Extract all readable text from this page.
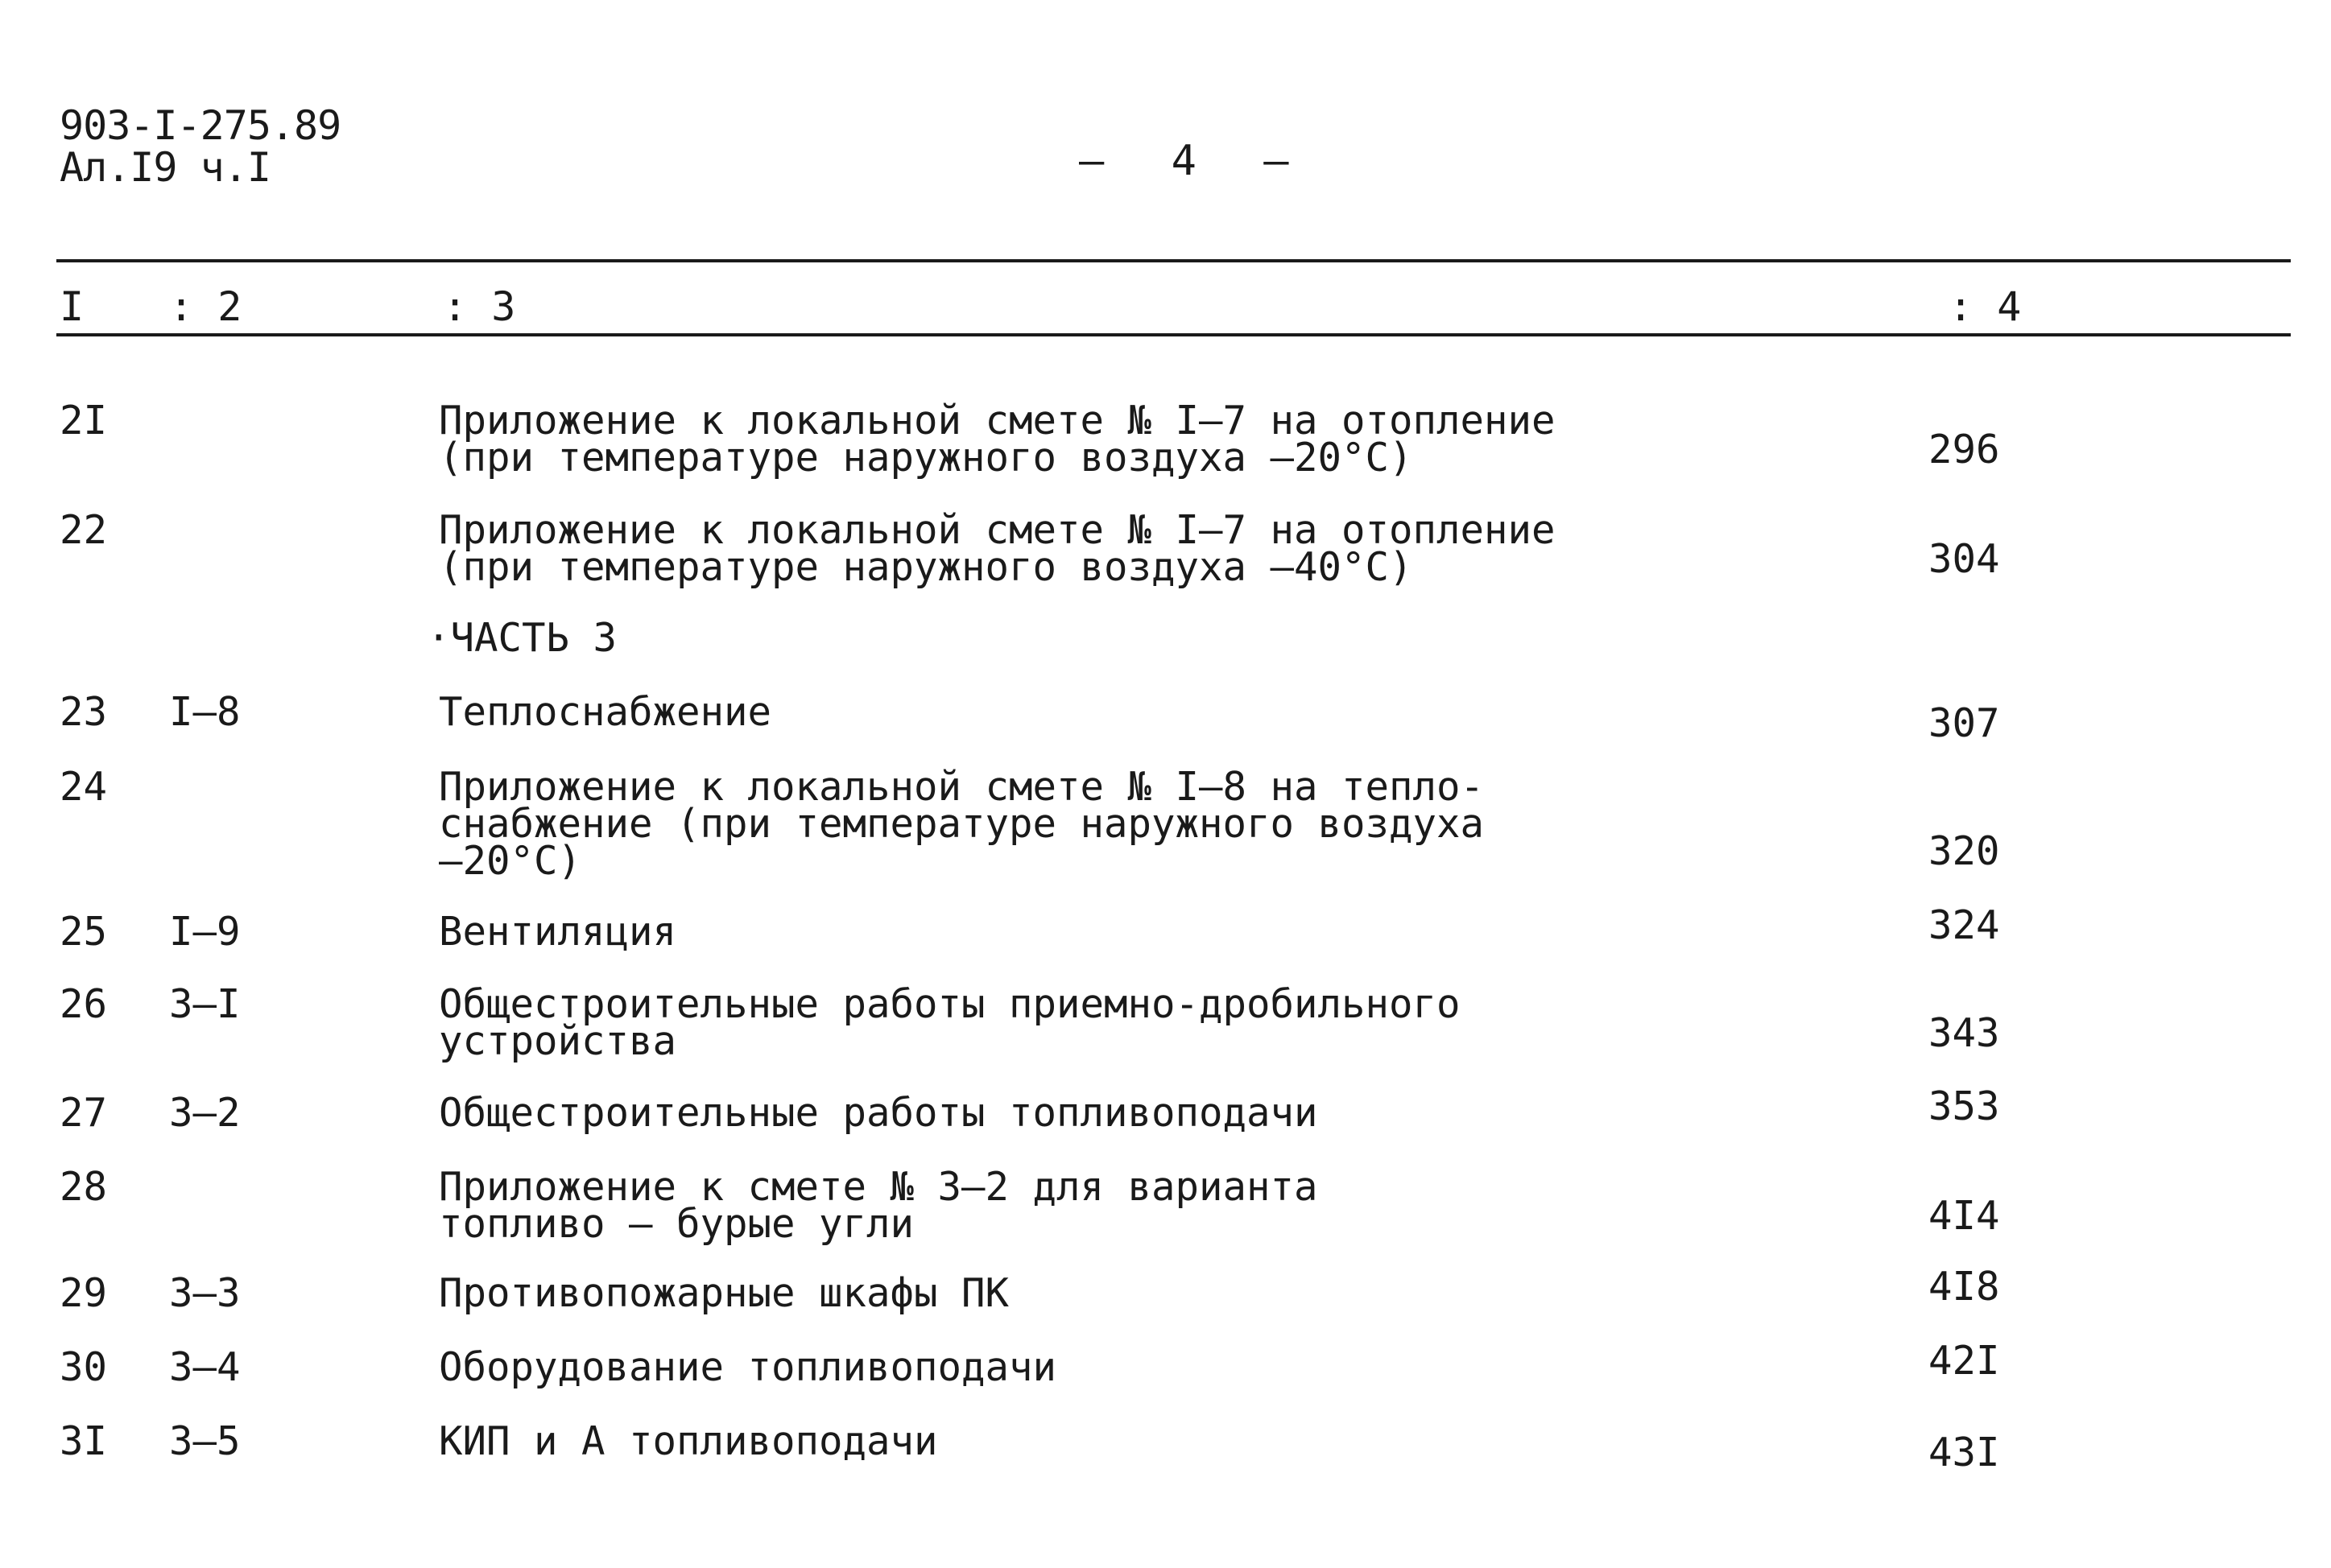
903-I-275.89
Ал.I9 ч.I	– 4 –
I : 2	: 3	: 4
2I	Приложение к локальной смете № I–7 на отопление
(при температуре наружного воздуха –20°С)	296
22	Приложение к локальной смете № I–7 на отопление
(при температуре наружного воздуха –40°С)	304
·ЧАСТЬ 3
23 I–8	Теплоснабжение	307
24	Приложение к локальной смете № I–8 на тепло-
снабжение (при температуре наружного воздуха
–20°С)	320
25 I–9	Вентиляция	324
26 3–I	Общестроительные работы приемно-дробильного
устройства	343
27 3–2	Общестроительные работы топливоподачи	353
28	Приложение к смете № 3–2 для варианта
топливо – бурые угли	4I4
29 3–3	Противопожарные шкафы ПК	4I8
30 3–4	Оборудование топливоподачи	42I
3I 3–5	КИП и А топливоподачи	43I
